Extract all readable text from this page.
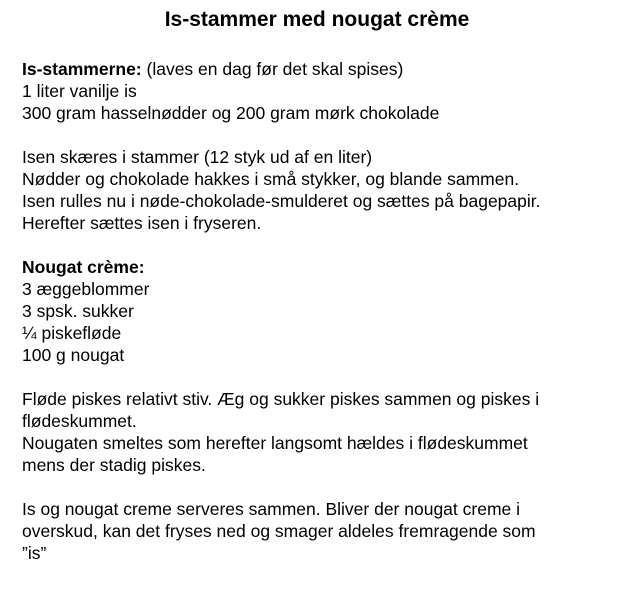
Is-stammer med nougat crème
Is-stammerne: (laves en dag før det skal spises)
1 liter vanilje is
300 gram hasselnødder og 200 gram mørk chokolade
Isen skæres i stammer (12 styk ud af en liter)
Nødder og chokolade hakkes i små stykker, og blande sammen.
Isen rulles nu i nøde-chokolade-smulderet og sættes på bagepapir.
Herefter sættes isen i fryseren.
Nougat crème:
3 æggeblommer
3 spsk. sukker
¼ piskefløde
100 g nougat
Fløde piskes relativt stiv. Æg og sukker piskes sammen og piskes i
flødeskummet.
Nougaten smeltes som herefter langsomt hældes i flødeskummet
mens der stadig piskes.
Is og nougat creme serveres sammen. Bliver der nougat creme i
overskud, kan det fryses ned og smager aldeles fremragende som
”is”
